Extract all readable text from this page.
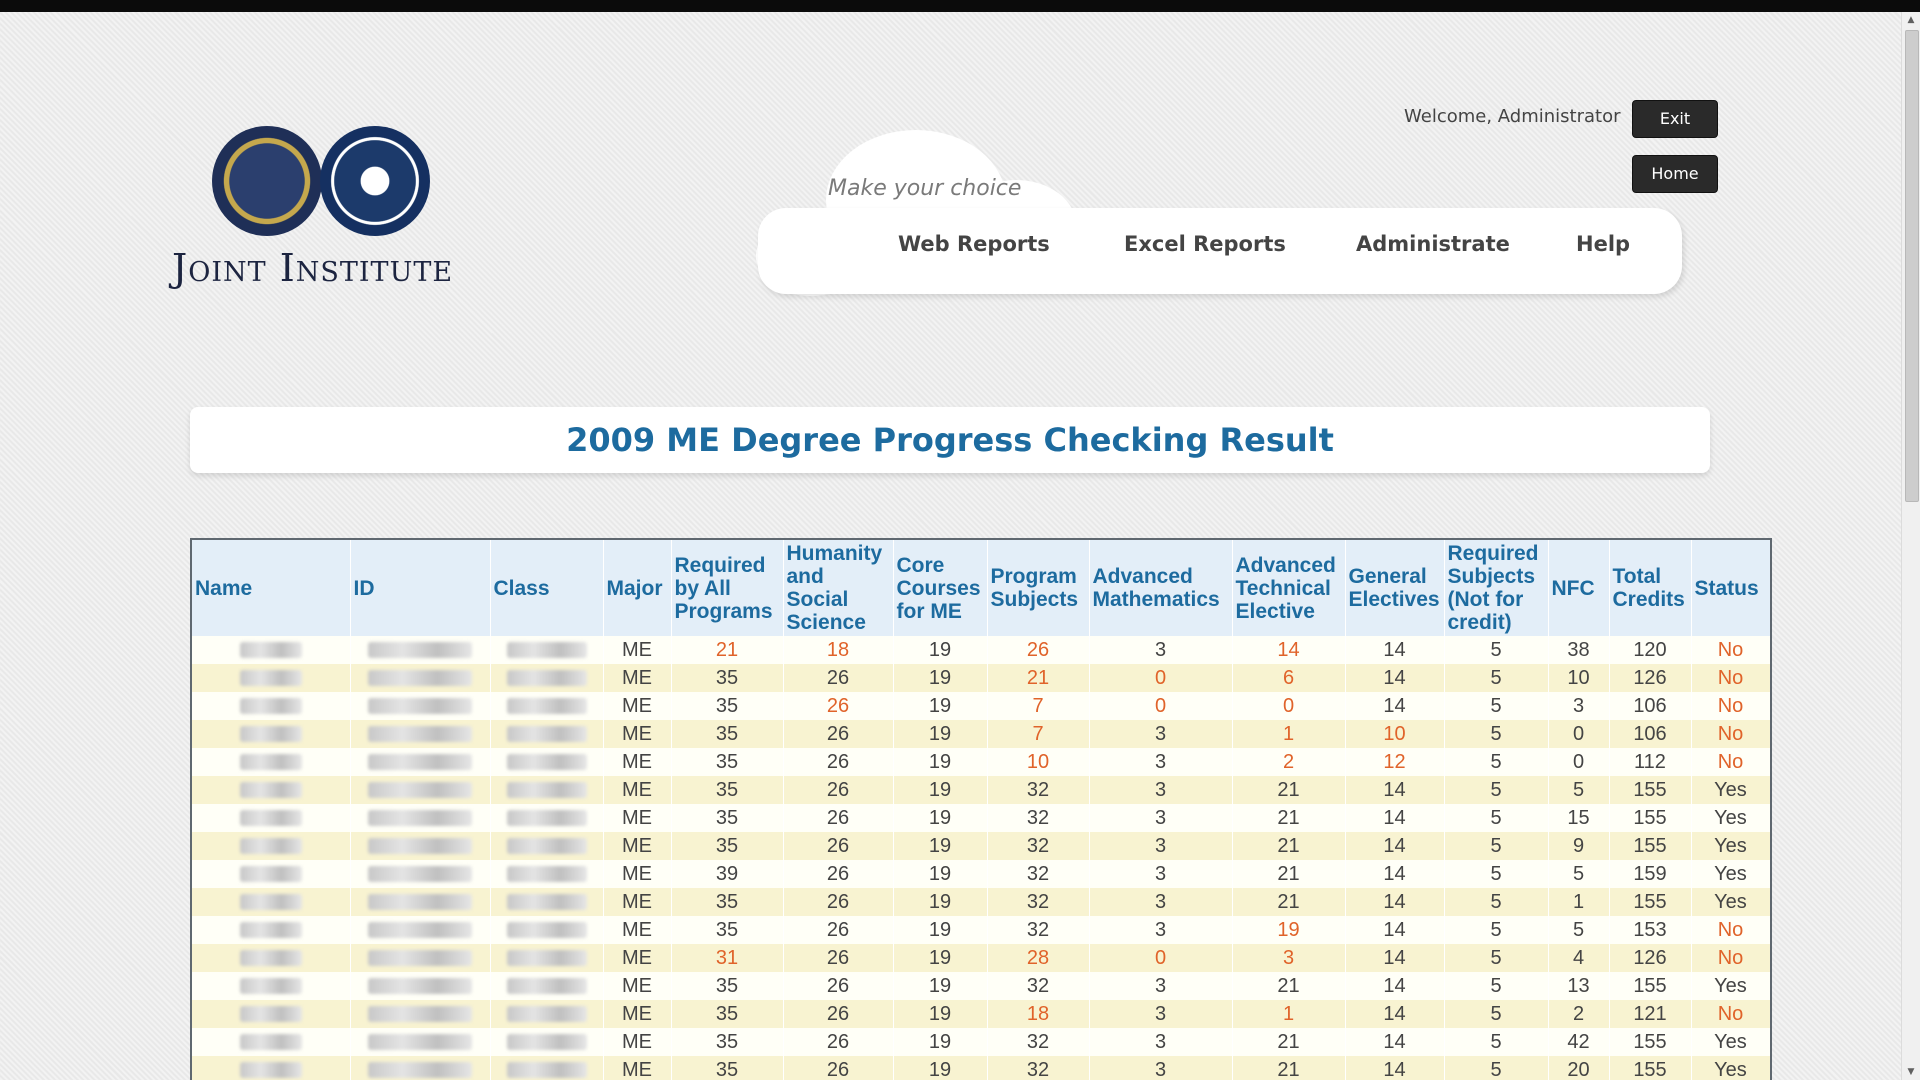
▲
▼
Joint Institute
Welcome, Administrator	Exit
Home
Make your choice
Web Reports	Excel Reports	Administrate	Help
2009 ME Degree Progress Checking Result
Name	ID	Class	Major	Required by All Programs	Humanity and Social Science	Core Courses for ME	Program Subjects	Advanced Mathematics	Advanced Technical Elective	General Electives	Required Subjects (Not for credit)	NFC	Total Credits	Status
			ME	21	18	19	26	3	14	14	5	38	120	No
			ME	35	26	19	21	0	6	14	5	10	126	No
			ME	35	26	19	7	0	0	14	5	3	106	No
			ME	35	26	19	7	3	1	10	5	0	106	No
			ME	35	26	19	10	3	2	12	5	0	112	No
			ME	35	26	19	32	3	21	14	5	5	155	Yes
			ME	35	26	19	32	3	21	14	5	15	155	Yes
			ME	35	26	19	32	3	21	14	5	9	155	Yes
			ME	39	26	19	32	3	21	14	5	5	159	Yes
			ME	35	26	19	32	3	21	14	5	1	155	Yes
			ME	35	26	19	32	3	19	14	5	5	153	No
			ME	31	26	19	28	0	3	14	5	4	126	No
			ME	35	26	19	32	3	21	14	5	13	155	Yes
			ME	35	26	19	18	3	1	14	5	2	121	No
			ME	35	26	19	32	3	21	14	5	42	155	Yes
			ME	35	26	19	32	3	21	14	5	20	155	Yes
